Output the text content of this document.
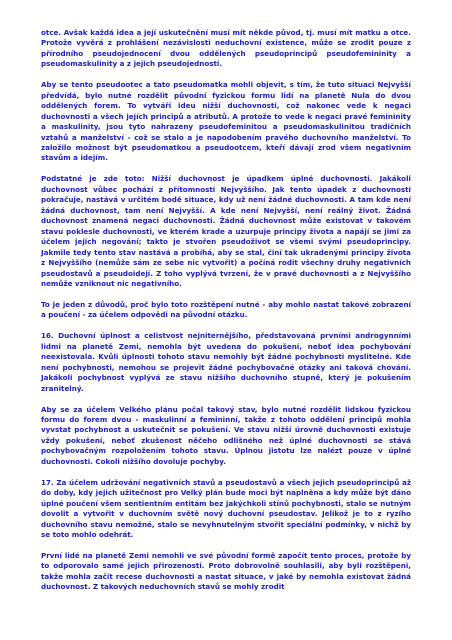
otce. Avšak každá idea a její uskutečnění musí mít někde původ, tj. musí mít matku a otce. Protože vyvěrá z prohlášení nezávislosti neduchovní existence, může se zrodit pouze z přírodního pseudojednocení dvou oddělených pseudoprincipů pseudofemininity a pseudomaskulinity a z jejich pseudojednosti.

Aby se tento pseudootec a tato pseudomatka mohli objevit, s tím, že tuto situaci Nejvyšší předvídá, bylo nutné rozdělit původní fyzickou formu lidí na planetě Nula do dvou oddělených forem. To vytváří ideu nižší duchovnosti, což nakonec vede k negaci duchovnosti a všech jejích principů a atributů. A protože to vede k negaci pravé femininity a maskulinity, jsou tyto nahrazeny pseudofeminitou a pseudomaskulinitou tradičních vztahů a manželství - což se stalo a je napodobením pravého duchovního manželství. To založilo možnost být pseudomatkou a pseudootcem, kteří dávají zrod všem negativním stavům a idejím.

Podstatné je zde toto: Nižší duchovnost je úpadkem úplné duchovnosti. Jakákoli duchovnost vůbec pochází z přítomnosti Nejvyššího. Jak tento úpadek z duchovnosti pokračuje, nastává v určitém bodě situace, kdy už není žádné duchovnosti. A tam kde není žádná duchovnost, tam není Nejvyšší. A kde není Nejvyšší, není reálný život. Žádná duchovnost znamená negaci duchovnosti. Žádná duchovnost může existovat v takovém stavu poklesle duchovnosti, ve kterém krade a uzurpuje principy života a napájí se jimi za účelem jejich negování; takto je stvořen pseudoživot se všemi svými pseudoprincipy. Jakmile tedy tento stav nastává a probíhá, aby se stal, činí tak ukradenými principy života z Nejvyššího (nemůže sám ze sebe nic vytvořit) a počíná rodit všechny druhy negativních pseudostavů a pseudoidejí. Z toho vyplývá tvrzení, že v pravé duchovnosti a z Nejvyššího nemůže vzniknout nic negativního.

To je jeden z důvodů, proč bylo toto rozštěpení nutné - aby mohlo nastat takové zobrazení a poučení - za účelem odpovědi na původní otázku.

16. Duchovní úplnost a celistvost nejniternějšího, představovaná prvními androgynními lidmi na planetě Zemi, nemohla být uvedena do pokušení, neboť idea pochybování neexistovala. Kvůli úplnosti tohoto stavu nemohly být žádné pochybnosti myslitelné. Kde není pochybnosti, nemohou se projevit žádné pochybovačné otázky ani taková chování. Jakákoli pochybnost vyplývá ze stavu nižšího duchovního stupně, který je pokušením zranitelný.

Aby se za účelem Velkého plánu počal takový stav, bylo nutné rozdělit lidskou fyzickou formu do forem dvou - maskulinní a femininní, takže z tohoto oddělení principů mohla vyvstat pochybnost a uskutečnit se pokušení. Ve stavu nižší úrovně duchovnosti existuje vždy pokušení, neboť zkušenost něčeho odlišného než úplné duchovnosti se stává pochybovačným rozpoložením tohoto stavu. Úplnou jistotu lze nalézt pouze v úplné duchovnosti. Cokoli nižšího dovoluje pochyby.

17. Za účelem udržování negativních stavů a pseudostavů a všech jejich pseudoprincipů až do doby, kdy jejich užitečnost pro Velký plán bude moci být naplněna a kdy může být dáno úplné poučení všem sentientním entitám bez jakýchkoli stínů pochybnosti, stalo se nutným dovolit a vytvořit v duchovním světě nový duchovní pseudostav. Jelikož je to z ryzího duchovního stavu nemožné, stalo se nevyhnutelným stvořit speciální podmínky, v nichž by se toto mohlo odehrát.

První lidé na planetě Zemi nemohli ve své původní formě započít tento proces, protože by to odporovalo samé jejich přirozenosti. Proto dobrovolně souhlasili, aby byli rozštěpeni, takže mohla začít recese duchovnosti a nastat situace, v jaké by nemohla existovat žádná duchovnost. Z takových neduchovních stavů se mohly zrodit
